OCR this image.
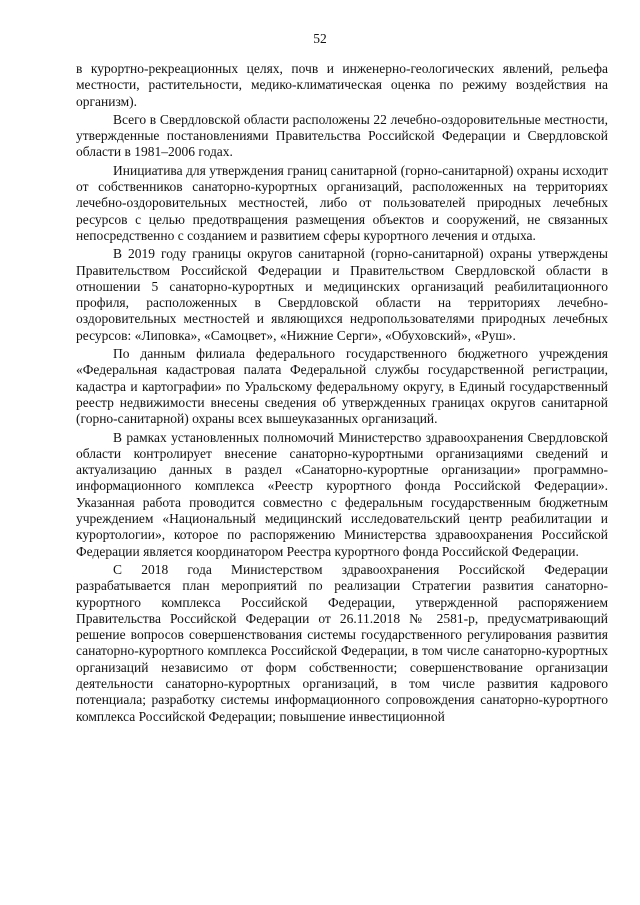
52

в курортно-рекреационных целях, почв и инженерно-геологических явлений, рельефа местности, растительности, медико-климатическая оценка по режиму воздействия на организм).

Всего в Свердловской области расположены 22 лечебно-оздоровительные местности, утвержденные постановлениями Правительства Российской Федерации и Свердловской области в 1981–2006 годах.

Инициатива для утверждения границ санитарной (горно-санитарной) охраны исходит от собственников санаторно-курортных организаций, расположенных на территориях лечебно-оздоровительных местностей, либо от пользователей природных лечебных ресурсов с целью предотвращения размещения объектов и сооружений, не связанных непосредственно с созданием и развитием сферы курортного лечения и отдыха.

В 2019 году границы округов санитарной (горно-санитарной) охраны утверждены Правительством Российской Федерации и Правительством Свердловской области в отношении 5 санаторно-курортных и медицинских организаций реабилитационного профиля, расположенных в Свердловской области на территориях лечебно-оздоровительных местностей и являющихся недропользователями природных лечебных ресурсов: «Липовка», «Самоцвет», «Нижние Серги», «Обуховский», «Руш».

По данным филиала федерального государственного бюджетного учреждения «Федеральная кадастровая палата Федеральной службы государственной регистрации, кадастра и картографии» по Уральскому федеральному округу, в Единый государственный реестр недвижимости внесены сведения об утвержденных границах округов санитарной (горно-санитарной) охраны всех вышеуказанных организаций.

В рамках установленных полномочий Министерство здравоохранения Свердловской области контролирует внесение санаторно-курортными организациями сведений и актуализацию данных в раздел «Санаторно-курортные организации» программно-информационного комплекса «Реестр курортного фонда Российской Федерации». Указанная работа проводится совместно с федеральным государственным бюджетным учреждением «Национальный медицинский исследовательский центр реабилитации и курортологии», которое по распоряжению Министерства здравоохранения Российской Федерации является координатором Реестра курортного фонда Российской Федерации.

С 2018 года Министерством здравоохранения Российской Федерации разрабатывается план мероприятий по реализации Стратегии развития санаторно-курортного комплекса Российской Федерации, утвержденной распоряжением Правительства Российской Федерации от 26.11.2018 № 2581-р, предусматривающий решение вопросов совершенствования системы государственного регулирования развития санаторно-курортного комплекса Российской Федерации, в том числе санаторно-курортных организаций независимо от форм собственности; совершенствование организации деятельности санаторно-курортных организаций, в том числе развития кадрового потенциала; разработку системы информационного сопровождения санаторно-курортного комплекса Российской Федерации; повышение инвестиционной
